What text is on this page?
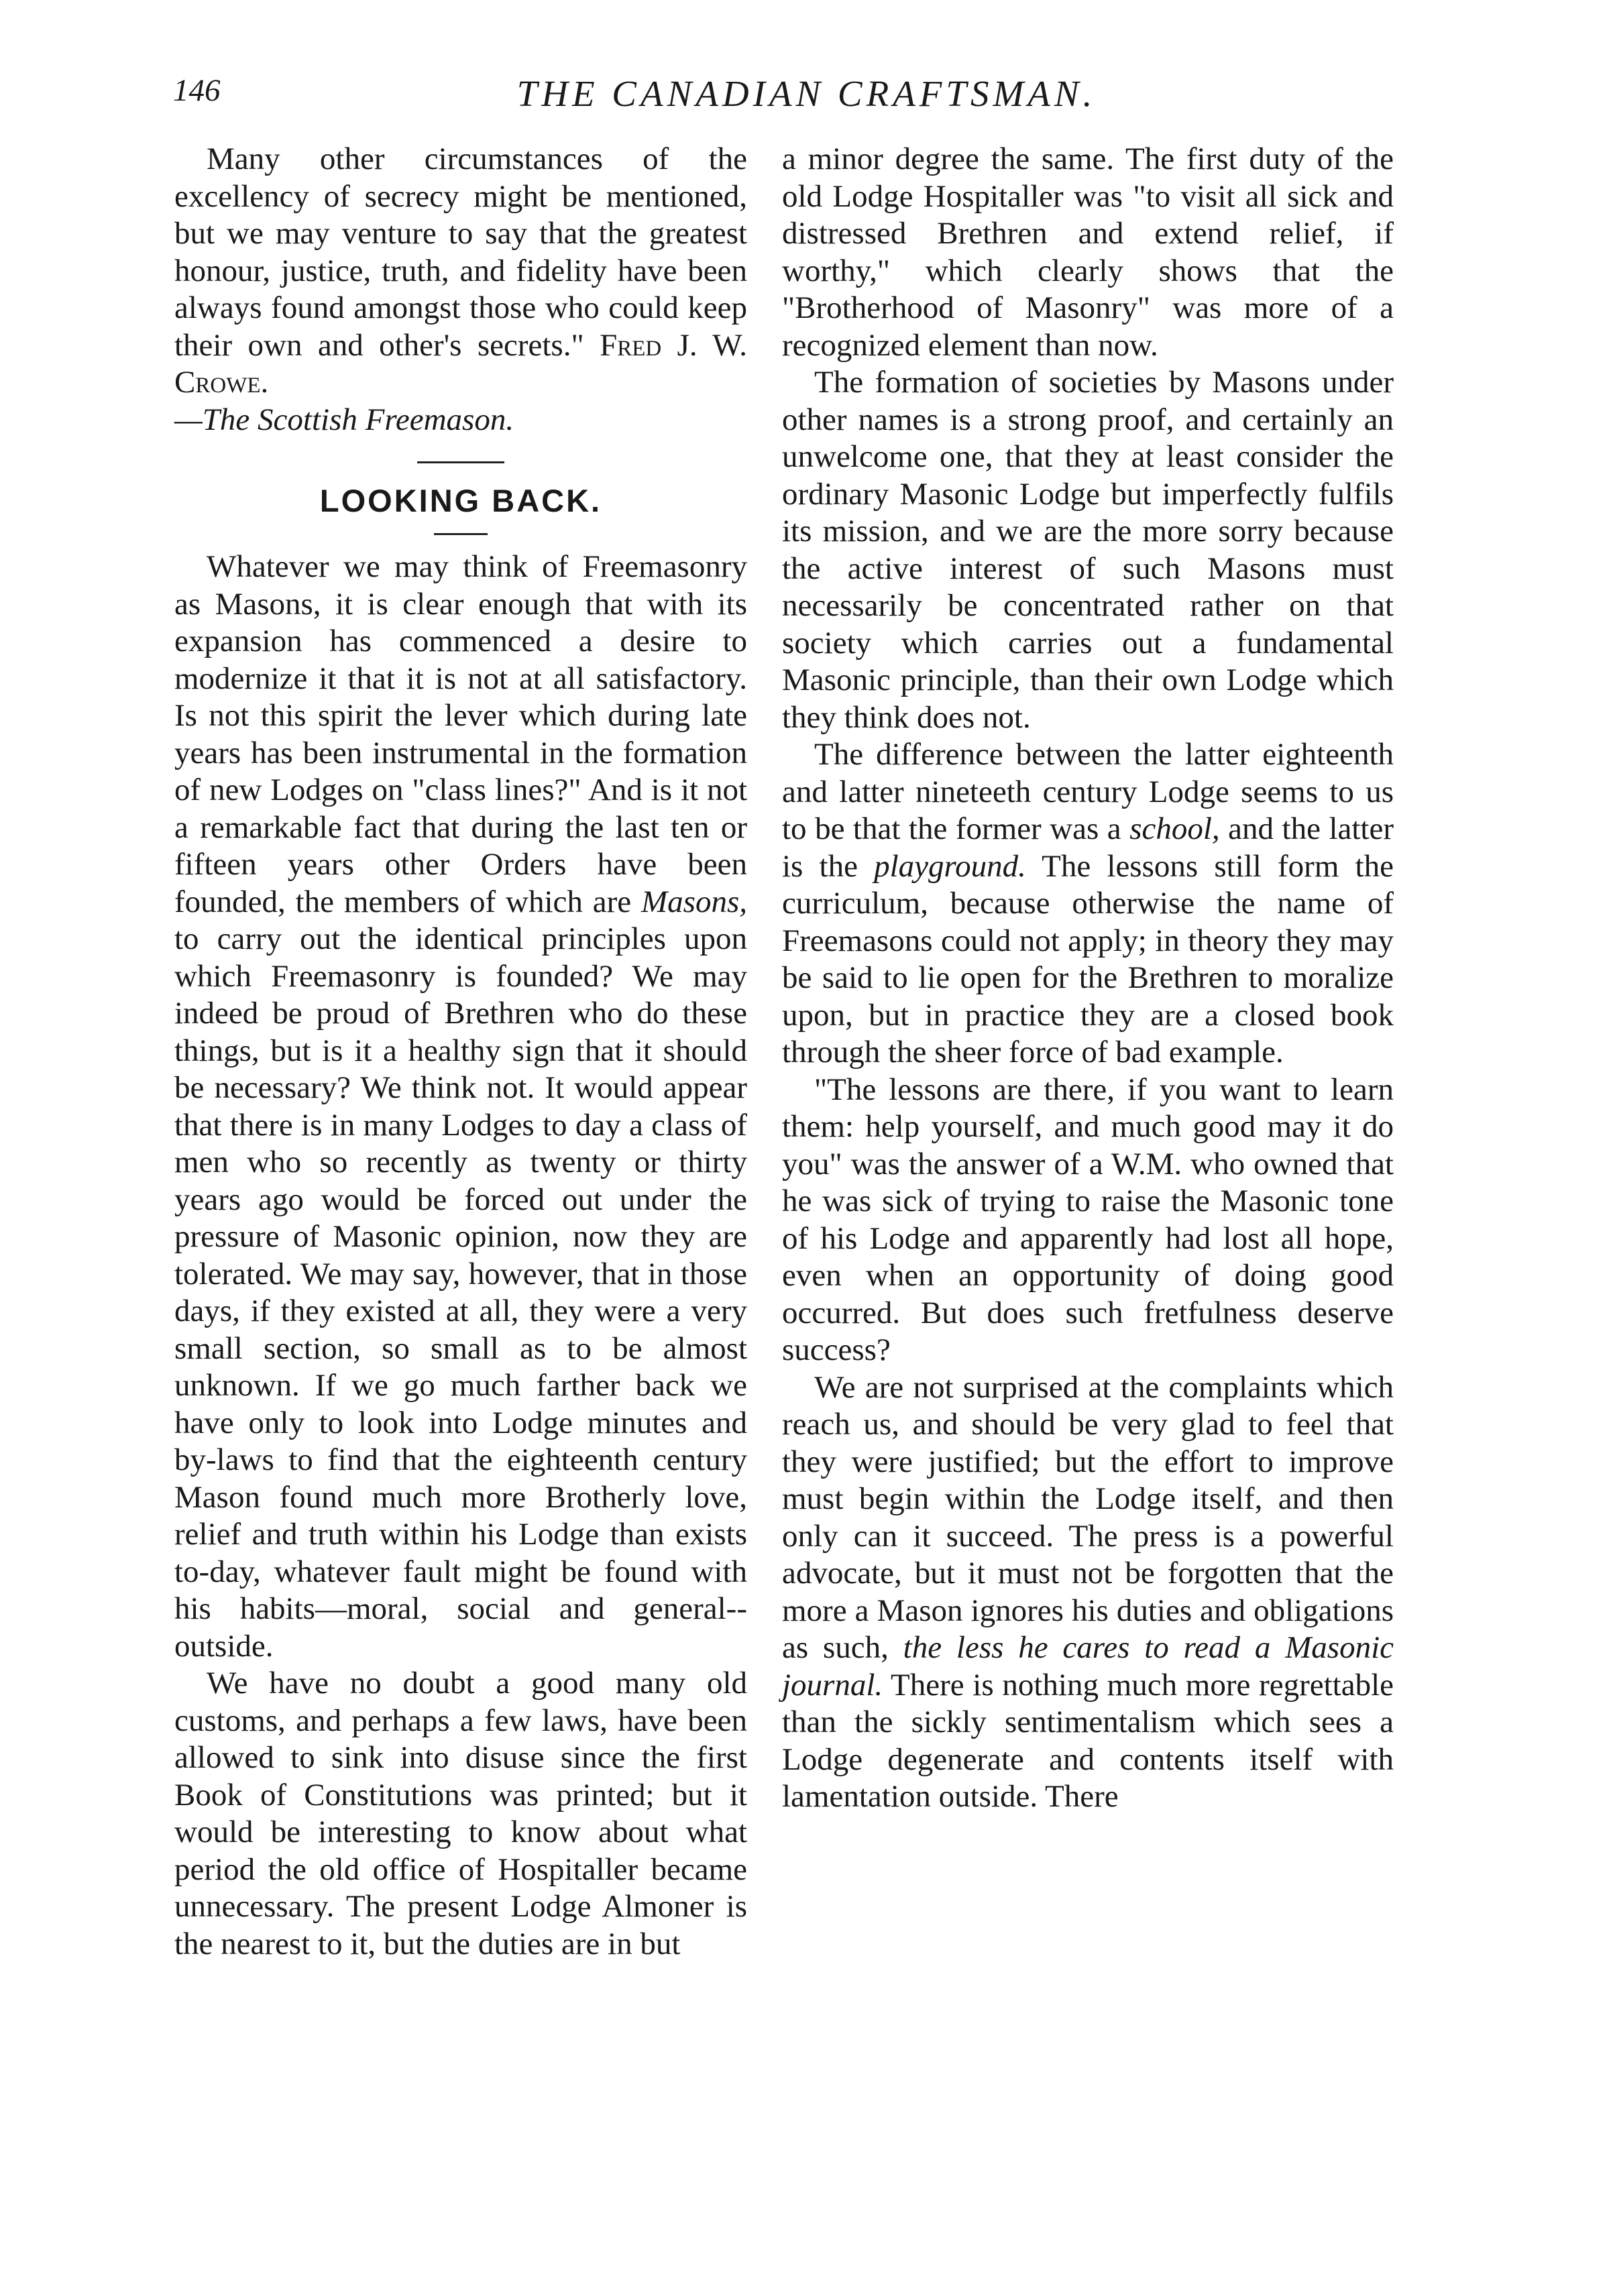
THE CANADIAN CRAFTSMAN.
146

Many other circumstances of the excellency of secrecy might be mentioned, but we may venture to say that the greatest honour, justice, truth, and fidelity have been always found amongst those who could keep their own and other's secrets." Fred J. W. Crowe.

—The Scottish Freemason.

LOOKING BACK.

Whatever we may think of Freemasonry as Masons, it is clear enough that with its expansion has commenced a desire to modernize it that it is not at all satisfactory. Is not this spirit the lever which during late years has been instrumental in the formation of new Lodges on "class lines?" And is it not a remarkable fact that during the last ten or fifteen years other Orders have been founded, the members of which are Masons, to carry out the identical principles upon which Freemasonry is founded? We may indeed be proud of Brethren who do these things, but is it a healthy sign that it should be necessary? We think not. It would appear that there is in many Lodges to day a class of men who so recently as twenty or thirty years ago would be forced out under the pressure of Masonic opinion, now they are tolerated. We may say, however, that in those days, if they existed at all, they were a very small section, so small as to be almost unknown. If we go much farther back we have only to look into Lodge minutes and by-laws to find that the eighteenth century Mason found much more Brotherly love, relief and truth within his Lodge than exists to-day, whatever fault might be found with his habits—moral, social and general--outside.

We have no doubt a good many old customs, and perhaps a few laws, have been allowed to sink into disuse since the first Book of Constitutions was printed; but it would be interesting to know about what period the old office of Hospitaller became unnecessary. The present Lodge Almoner is the nearest to it, but the duties are in but

a minor degree the same. The first duty of the old Lodge Hospitaller was "to visit all sick and distressed Brethren and extend relief, if worthy," which clearly shows that the "Brotherhood of Masonry" was more of a recognized element than now.

The formation of societies by Masons under other names is a strong proof, and certainly an unwelcome one, that they at least consider the ordinary Masonic Lodge but imperfectly fulfils its mission, and we are the more sorry because the active interest of such Masons must necessarily be concentrated rather on that society which carries out a fundamental Masonic principle, than their own Lodge which they think does not.

The difference between the latter eighteenth and latter nineteeth century Lodge seems to us to be that the former was a school, and the latter is the playground. The lessons still form the curriculum, because otherwise the name of Freemasons could not apply; in theory they may be said to lie open for the Brethren to moralize upon, but in practice they are a closed book through the sheer force of bad example.

"The lessons are there, if you want to learn them: help yourself, and much good may it do you" was the answer of a W.M. who owned that he was sick of trying to raise the Masonic tone of his Lodge and apparently had lost all hope, even when an opportunity of doing good occurred. But does such fretfulness deserve success?

We are not surprised at the complaints which reach us, and should be very glad to feel that they were justified; but the effort to improve must begin within the Lodge itself, and then only can it succeed. The press is a powerful advocate, but it must not be forgotten that the more a Mason ignores his duties and obligations as such, the less he cares to read a Masonic journal. There is nothing much more regrettable than the sickly sentimentalism which sees a Lodge degenerate and contents itself with lamentation outside. There
